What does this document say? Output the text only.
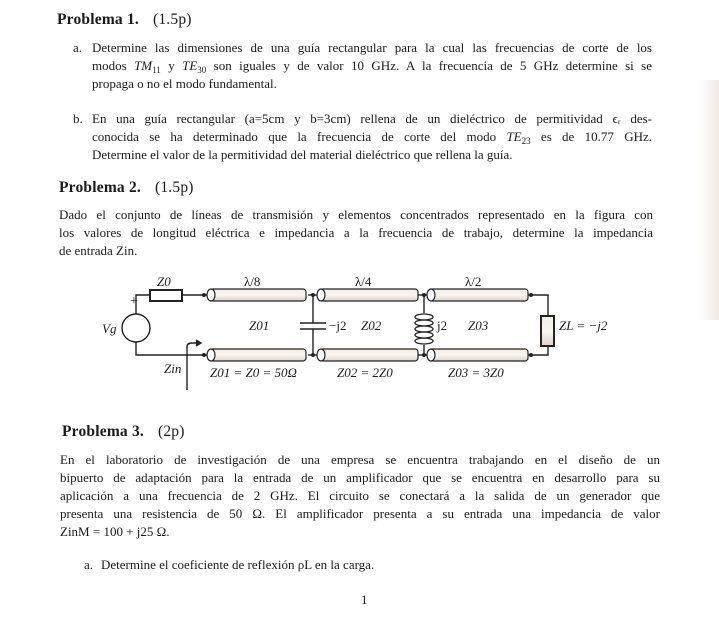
Problema 1. (1.5p)
a. Determine las dimensiones de una guía rectangular para la cual las frecuencias de corte de los
modos $TM_{11}$ y $TE_{30}$ son iguales y de valor 10 GHz. A la frecuencia de 5 GHz determine si se
propaga o no el modo fundamental.
b. En una guía rectangular (a=5cm y b=3cm) rellena de un dieléctrico de permitividad ϵᵣ des-
conocida se ha determinado que la frecuencia de corte del modo $TE_{23}$ es de 10.77 GHz.
Determine el valor de la permitividad del material dieléctrico que rellena la guía.
Problema 2. (1.5p)
Dado el conjunto de líneas de transmisión y elementos concentrados representado en la figura con
los valores de longitud eléctrica e impedancia a la frecuencia de trabajo, determine la impedancia
de entrada Zin.
+
Vg
Z0	λ/8	λ/4	λ/2
Z01	−j2 Z02	j2 Z03	ZL = −j2
Zin Z01 = Z0 = 50Ω	Z02 = 2Z0	Z03 = 3Z0
Problema 3. (2p)
En el laboratorio de investigación de una empresa se encuentra trabajando en el diseño de un
bipuerto de adaptación para la entrada de un amplificador que se encuentra en desarrollo para su
aplicación a una frecuencia de 2 GHz. El circuito se conectará a la salida de un generador que
presenta una resistencia de 50 Ω. El amplificador presenta a su entrada una impedancia de valor
ZinM = 100 + j25 Ω.
a. Determine el coeficiente de reflexión ρL en la carga.
1
